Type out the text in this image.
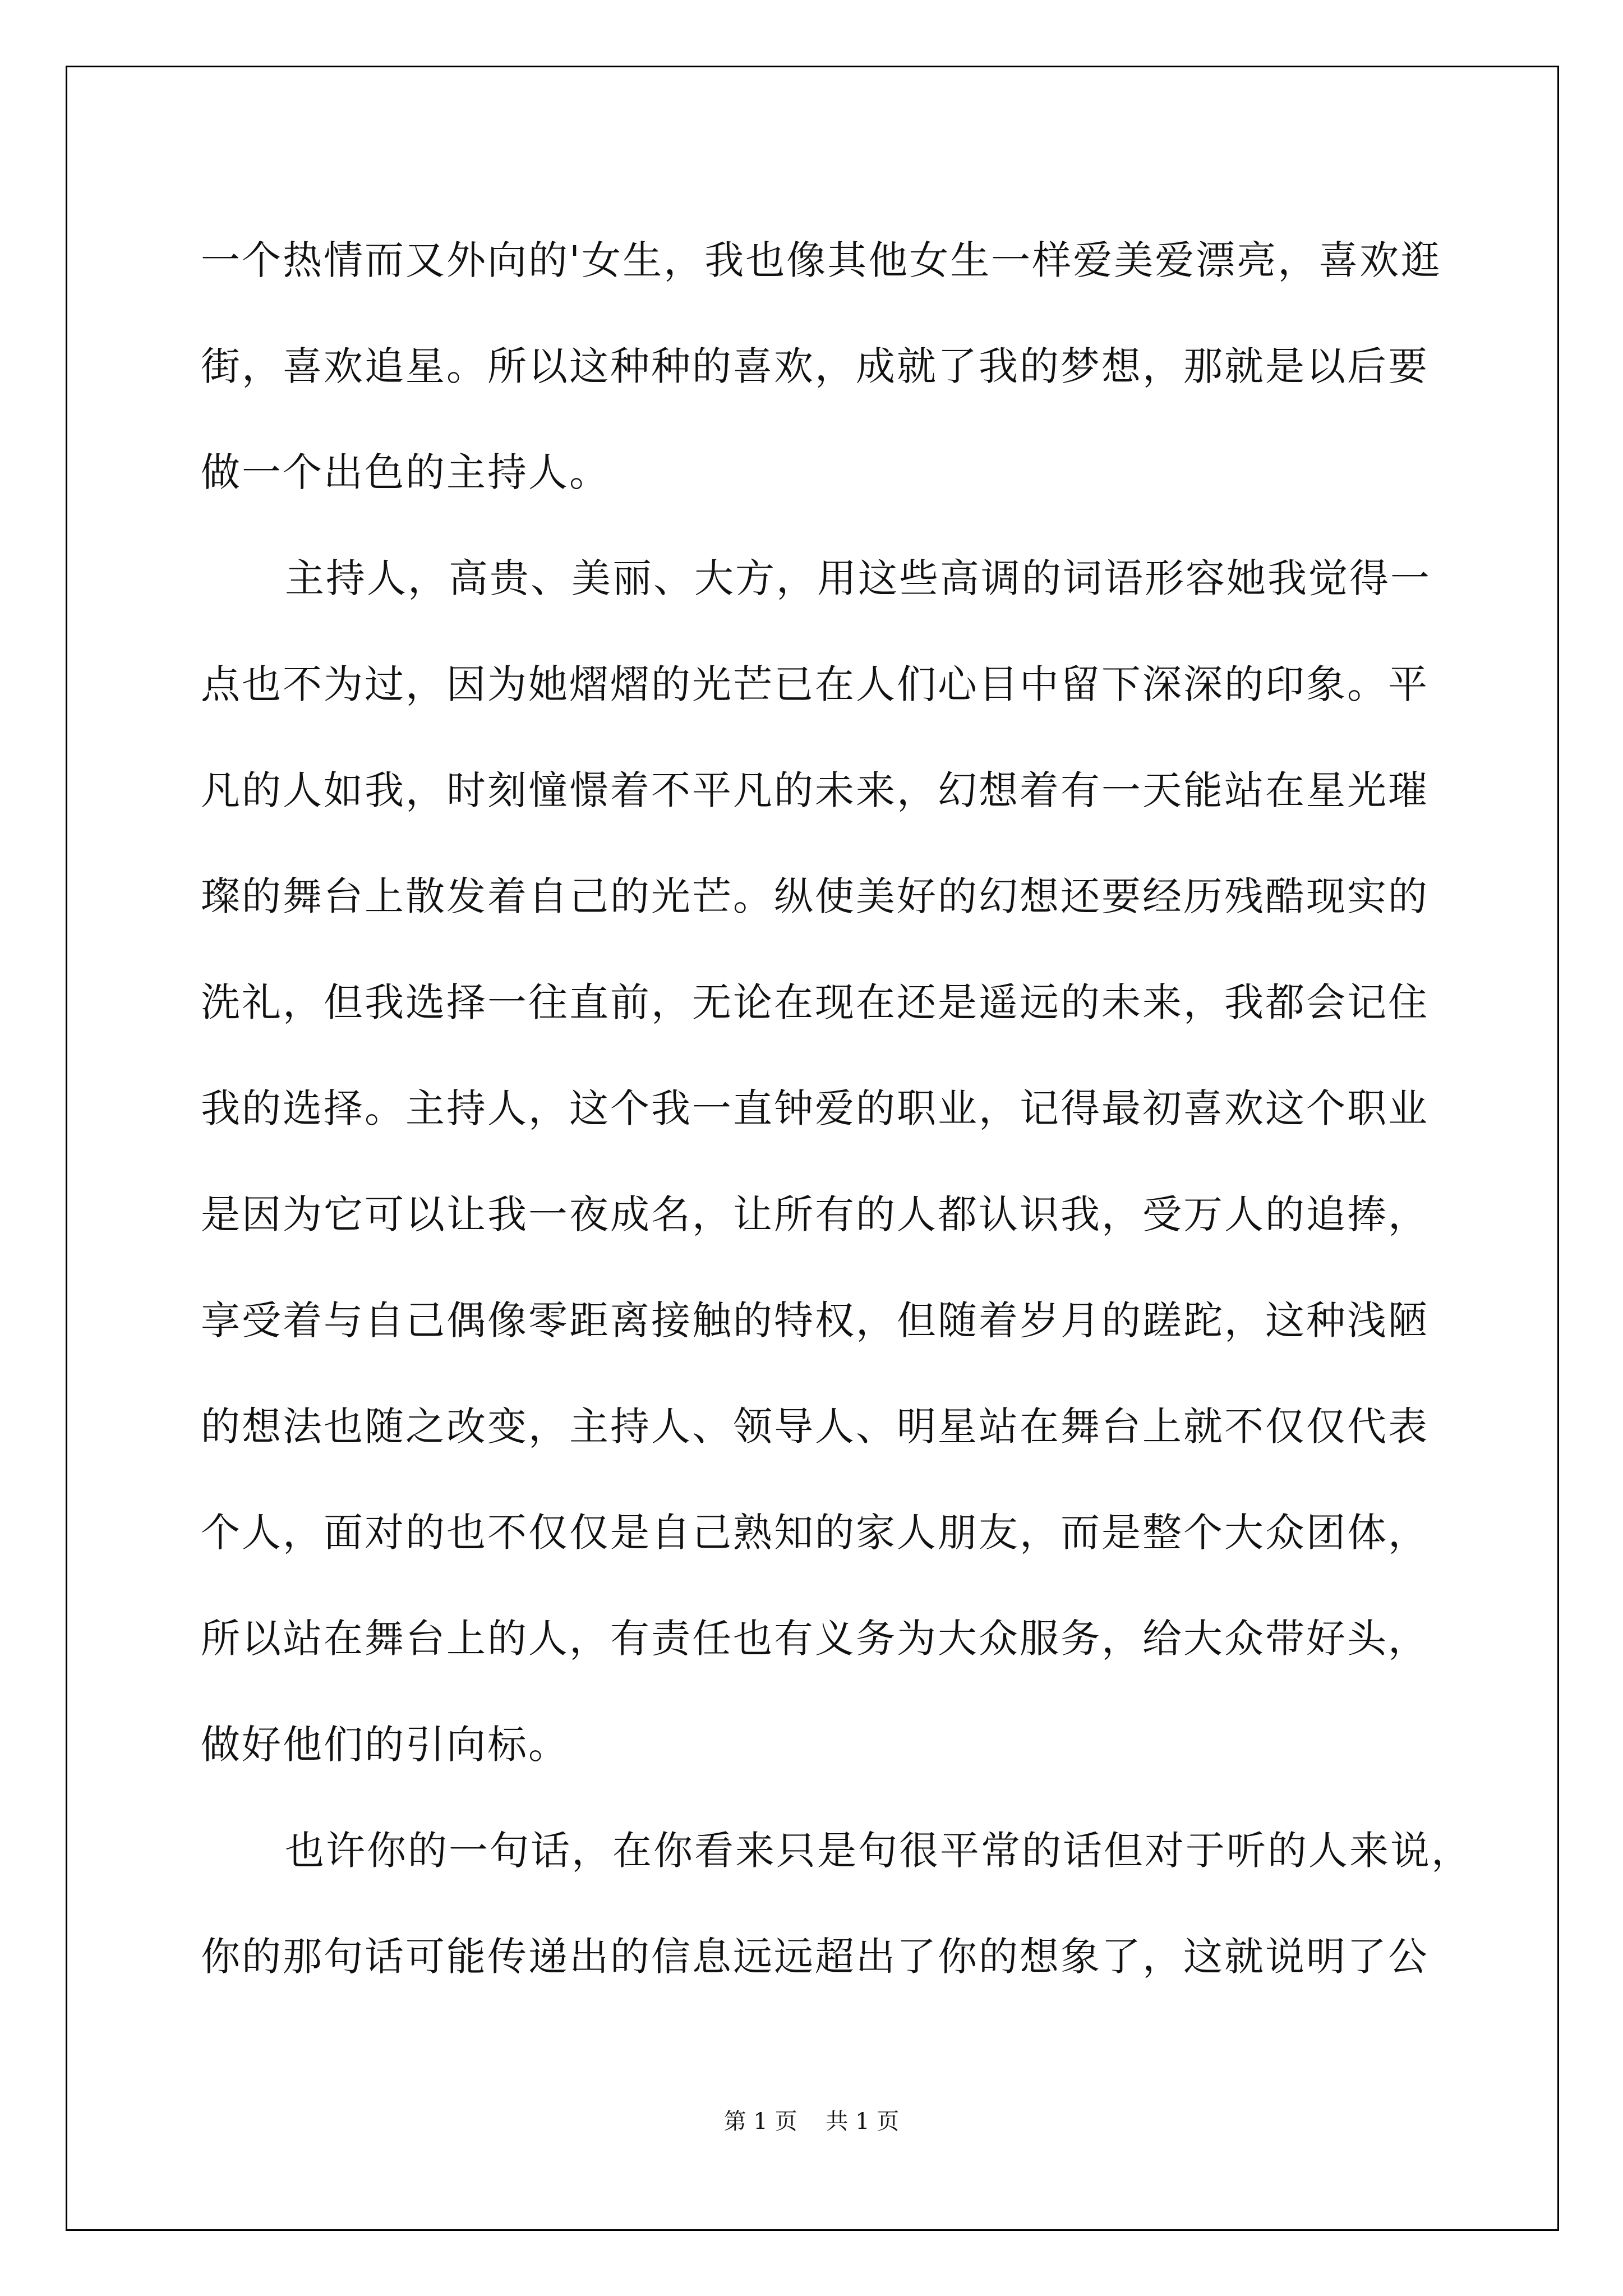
一个热情而又外向的'女生，我也像其他女生一样爱美爱漂亮，喜欢逛
街，喜欢追星。所以这种种的喜欢，成就了我的梦想，那就是以后要
做一个出色的主持人。
主持人，高贵、美丽、大方，用这些高调的词语形容她我觉得一
点也不为过，因为她熠熠的光芒已在人们心目中留下深深的印象。平
凡的人如我，时刻憧憬着不平凡的未来，幻想着有一天能站在星光璀
璨的舞台上散发着自己的光芒。纵使美好的幻想还要经历残酷现实的
洗礼，但我选择一往直前，无论在现在还是遥远的未来，我都会记住
我的选择。主持人，这个我一直钟爱的职业，记得最初喜欢这个职业
是因为它可以让我一夜成名，让所有的人都认识我，受万人的追捧，
享受着与自己偶像零距离接触的特权，但随着岁月的蹉跎，这种浅陋
的想法也随之改变，主持人、领导人、明星站在舞台上就不仅仅代表
个人，面对的也不仅仅是自己熟知的家人朋友，而是整个大众团体，
所以站在舞台上的人，有责任也有义务为大众服务，给大众带好头，
做好他们的引向标。
也许你的一句话，在你看来只是句很平常的话但对于听的人来说，
你的那句话可能传递出的信息远远超出了你的想象了，这就说明了公
第 1 页    共 1 页
